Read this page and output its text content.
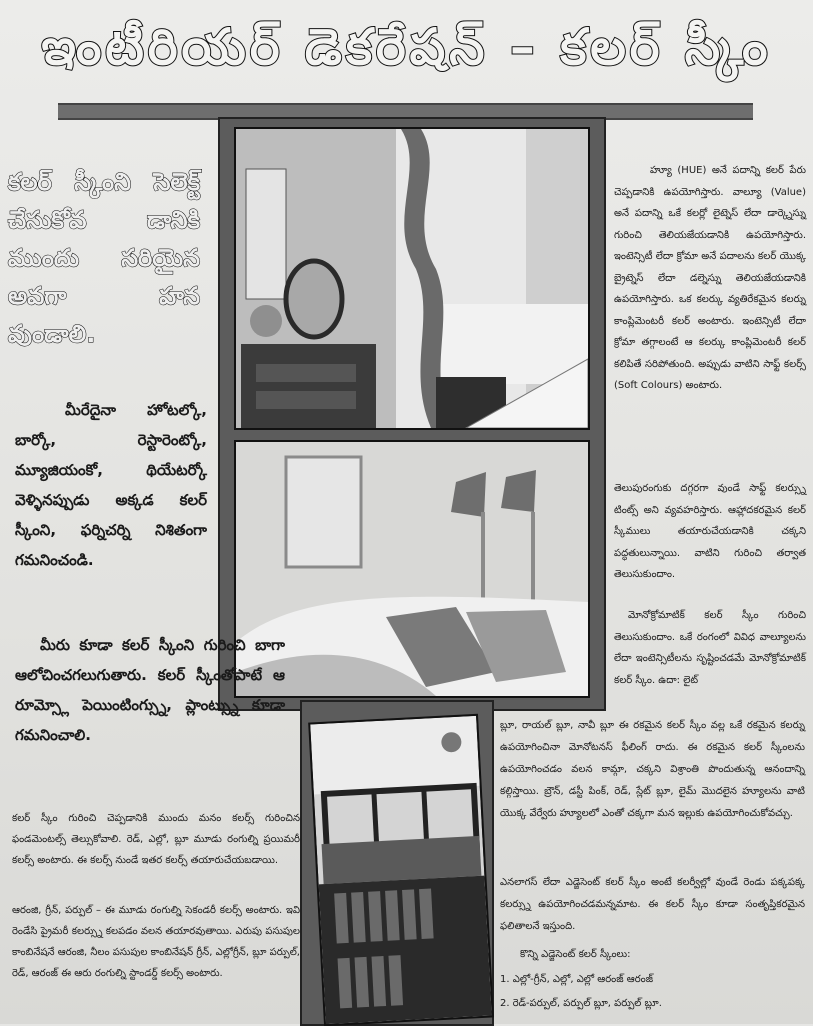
ఇంటీరియర్ డెకరేషన్ – కలర్ స్కీం

కలర్ స్కీంని సెలెక్ట్ చేసుకోవ డానికి ముందు సరియైన అవగా హన వుండాలి.

మీరేదైనా హోటల్కో, బార్కో, రెస్టారెంట్కో, మ్యూజియంకో, థియేటర్కో వెళ్ళినప్పుడు అక్కడ కలర్ స్కీంని, ఫర్నిచర్ని నిశితంగా గమనించండి.

మీరు కూడా కలర్ స్కీంని గురించి బాగా ఆలోచించగలుగుతారు. కలర్ స్కీంతోపాటే ఆ రూమ్స్లో పెయింటింగ్స్ను, ప్లాంట్స్ను కూడా గమనించాలి.

కలర్ స్కీం గురించి చెప్పడానికి ముందు మనం కలర్స్ గురించిన ఫండమెంటల్స్ తెల్సుకోవాలి. రెడ్, ఎల్లో, బ్లూ మూడు రంగుల్ని ప్రయిమరీ కలర్స్ అంటారు. ఈ కలర్స్ నుండే ఇతర కలర్స్ తయారుచేయబడాయి.

ఆరంజి, గ్రీన్, పర్పుల్ – ఈ మూడు రంగుల్ని సెకండరీ కలర్స్ అంటారు. ఇవి రెండేసి ప్రైమరీ కలర్స్ను కలపడం వలన తయారవుతాయి. ఎరుపు పసుపుల కాంబినేషనే ఆరంజి, నీలం పసుపుల కాంబినేషన్ గ్రీన్, ఎల్లోగ్రీన్, బ్లూ పర్పుల్, రెడ్, ఆరంజ్ ఈ ఆరు రంగుల్ని స్టాండర్డ్ కలర్స్ అంటారు.

హ్యూ (HUE) అనే పదాన్ని కలర్ పేరు చెప్పడానికి ఉపయోగిస్తారు. వాల్యూ (Value) అనే పదాన్ని ఒకే కలర్లో లైట్నెస్ లేదా డార్క్నెస్ను గురించి తెలియజేయడానికి ఉపయోగిస్తారు. ఇంటెన్సిటీ లేదా క్రోమా అనే పదాలను కలర్ యొక్క బ్రైట్నెస్ లేదా డల్నెస్ను తెలియజేయడానికి ఉపయోగిస్తారు. ఒక కలర్కు వ్యతిరేకమైన కలర్ను కాంప్లిమెంటరీ కలర్ అంటారు. ఇంటెన్సిటీ లేదా క్రోమా తగ్గాలంటే ఆ కలర్కు కాంప్లిమెంటరీ కలర్ కలిపితే సరిపోతుంది. అప్పుడు వాటిని సాఫ్ట్ కలర్స్ (Soft Colours) అంటారు.

తెలుపురంగుకు దగ్గరగా వుండే సాఫ్ట్ కలర్స్ను టింట్స్ అని వ్యవహరిస్తారు. ఆహ్లాదకరమైన కలర్ స్కీములు తయారుచేయడానికి చక్కని పద్ధతులున్నాయి. వాటిని గురించి తర్వాత తెలుసుకుందాం.

మోనోక్రోమాటిక్ కలర్ స్కీం గురించి తెలుసుకుందాం. ఒకే రంగంలో వివిధ వాల్యూలను లేదా ఇంటెన్సిటీలను సృష్టించడమే మోనోక్రోమాటిక్ కలర్ స్కీం. ఉదా: లైట్

బ్లూ, రాయల్ బ్లూ, నావీ బ్లూ ఈ రకమైన కలర్ స్కీం వల్ల ఒకే రకమైన కలర్ను ఉపయోగించినా మోనోటనస్ ఫీలింగ్ రాదు. ఈ రకమైన కలర్ స్కీంలను ఉపయోగించడం వలన కామ్గా, చక్కని విశ్రాంతి పొందుతున్న ఆనందాన్ని కల్గిస్తాయి. బ్రౌన్, డస్టీ పింక్, రెడ్, స్లేట్ బ్లూ, లైమ్ మొదలైన హ్యూలను వాటి యొక్క వేర్వేరు హ్యూలలో ఎంతో చక్కగా మన ఇల్లుకు ఉపయోగించుకోవచ్చు.

ఎనలాగస్ లేదా ఎడ్జెసెంట్ కలర్ స్కీం అంటే కలర్వీల్లో వుండే రెండు పక్కపక్క కలర్స్ను ఉపయోగించడమన్నమాట. ఈ కలర్ స్కీం కూడా సంతృప్తికరమైన ఫలితాలనే ఇస్తుంది.

కొన్ని ఎడ్జెసెంట్ కలర్ స్కీంలు:

1. ఎల్లో-గ్రీన్, ఎల్లో, ఎల్లో ఆరంజ్ ఆరంజ్
2. రెడ్-పర్పుల్, పర్పుల్ బ్లూ, పర్పుల్ బ్లూ.
